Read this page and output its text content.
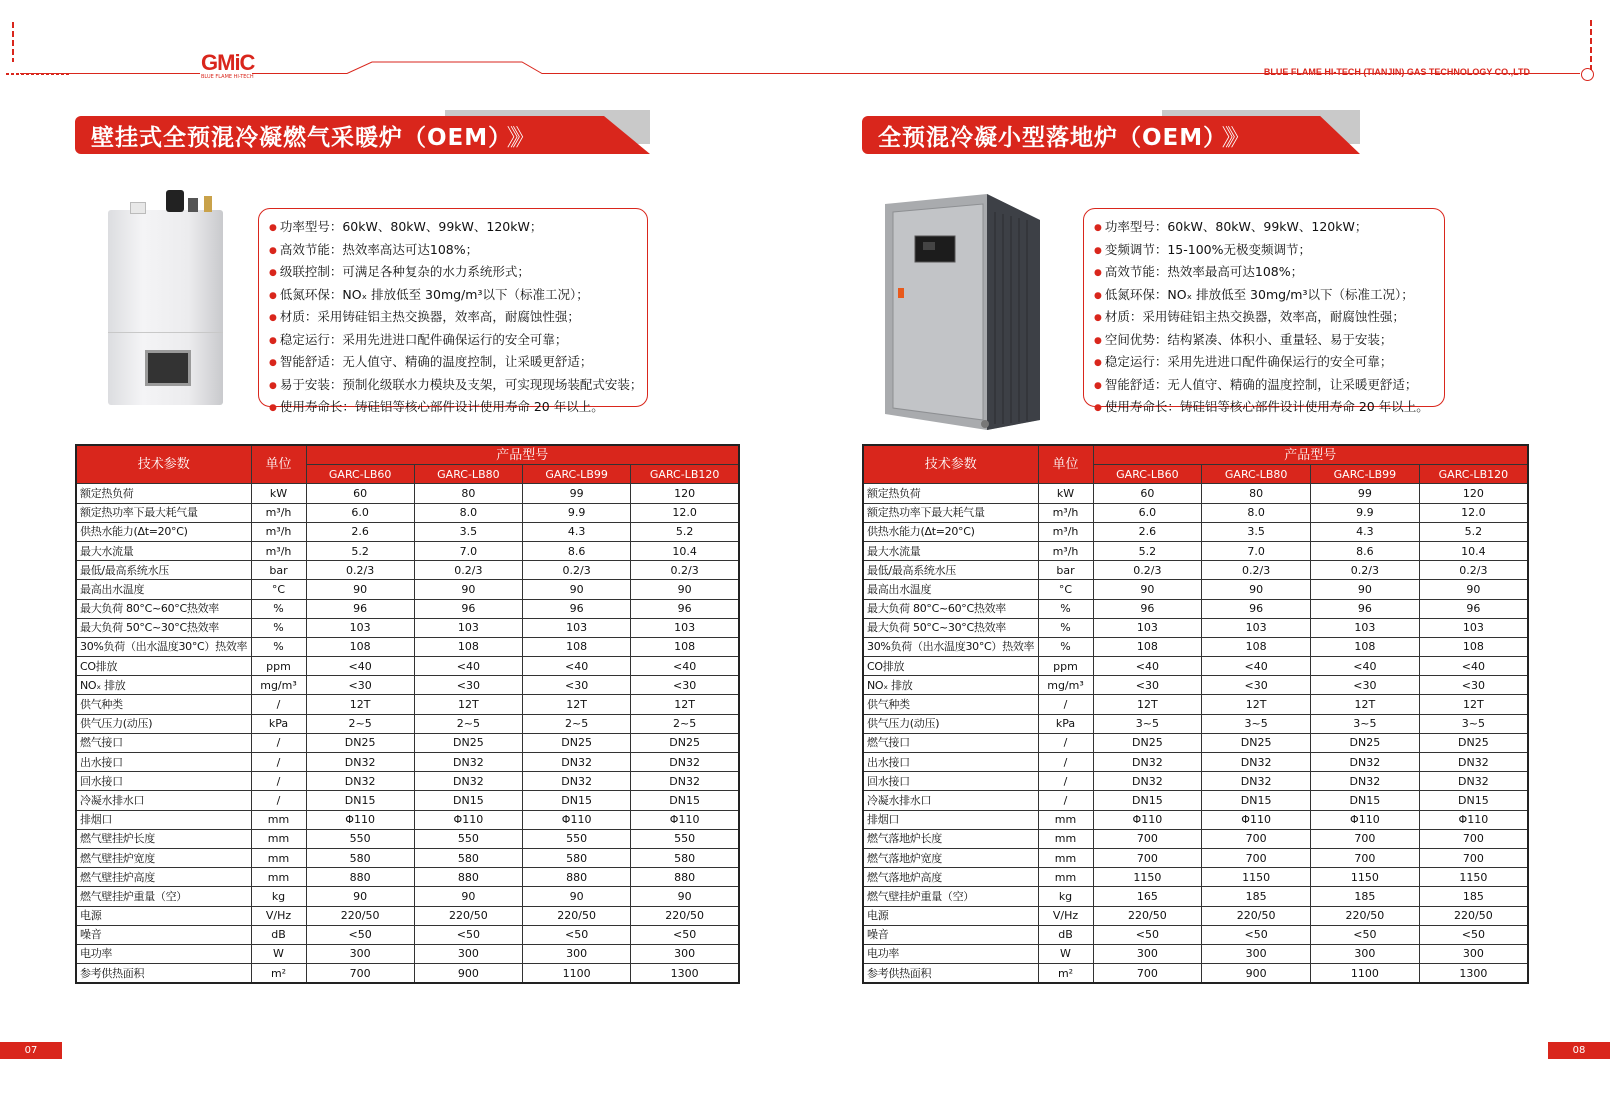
GMiC
BLUE FLAME HI-TECH	BLUE FLAME HI-TECH (TIANJIN) GAS TECHNOLOGY CO.,LTD
壁挂式全预混冷凝燃气采暖炉（OEM） 》》
● 功率型号：60kW、80kW、99kW、120kW；
● 高效节能：热效率高达可达108%；
● 级联控制：可满足各种复杂的水力系统形式；
● 低氮环保：NOₓ 排放低至 30mg/m³以下（标准工况）；
● 材质：采用铸硅铝主热交换器，效率高，耐腐蚀性强；
● 稳定运行：采用先进进口配件确保运行的安全可靠；
● 智能舒适：无人值守、精确的温度控制，让采暖更舒适；
● 易于安装：预制化级联水力模块及支架，可实现现场装配式安装；
● 使用寿命长：铸硅铝等核心部件设计使用寿命 20 年以上。
技术参数	单位	产品型号			
		GARC-LB60	GARC-LB80	GARC-LB99	GARC-LB120
额定热负荷	kW	60	80	99	120
额定热功率下最大耗气量	m³/h	6.0	8.0	9.9	12.0
供热水能力(Δt=20°C)	m³/h	2.6	3.5	4.3	5.2
最大水流量	m³/h	5.2	7.0	8.6	10.4
最低/最高系统水压	bar	0.2/3	0.2/3	0.2/3	0.2/3
最高出水温度	°C	90	90	90	90
最大负荷 80°C~60°C热效率	%	96	96	96	96
最大负荷 50°C~30°C热效率	%	103	103	103	103
30%负荷（出水温度30°C）热效率	%	108	108	108	108
CO排放	ppm	<40	<40	<40	<40
NOₓ 排放	mg/m³	<30	<30	<30	<30
供气种类	/	12T	12T	12T	12T
供气压力(动压)	kPa	2~5	2~5	2~5	2~5
燃气接口	/	DN25	DN25	DN25	DN25
出水接口	/	DN32	DN32	DN32	DN32
回水接口	/	DN32	DN32	DN32	DN32
冷凝水排水口	/	DN15	DN15	DN15	DN15
排烟口	mm	Φ110	Φ110	Φ110	Φ110
燃气壁挂炉长度	mm	550	550	550	550
燃气壁挂炉宽度	mm	580	580	580	580
燃气壁挂炉高度	mm	880	880	880	880
燃气壁挂炉重量（空）	kg	90	90	90	90
电源	V/Hz	220/50	220/50	220/50	220/50
噪音	dB	<50	<50	<50	<50
电功率	W	300	300	300	300
参考供热面积	m²	700	900	1100	1300
07
全预混冷凝小型落地炉（OEM） 》》
● 功率型号：60kW、80kW、99kW、120kW；
● 变频调节：15-100%无极变频调节；
● 高效节能：热效率最高可达108%；
● 低氮环保：NOₓ 排放低至 30mg/m³以下（标准工况）；
● 材质：采用铸硅铝主热交换器，效率高，耐腐蚀性强；
● 空间优势：结构紧凑、体积小、重量轻、易于安装；
● 稳定运行：采用先进进口配件确保运行的安全可靠；
● 智能舒适：无人值守、精确的温度控制，让采暖更舒适；
● 使用寿命长：铸硅铝等核心部件设计使用寿命 20 年以上。
技术参数	单位	产品型号			
		GARC-LB60	GARC-LB80	GARC-LB99	GARC-LB120
额定热负荷	kW	60	80	99	120
额定热功率下最大耗气量	m³/h	6.0	8.0	9.9	12.0
供热水能力(Δt=20°C)	m³/h	2.6	3.5	4.3	5.2
最大水流量	m³/h	5.2	7.0	8.6	10.4
最低/最高系统水压	bar	0.2/3	0.2/3	0.2/3	0.2/3
最高出水温度	°C	90	90	90	90
最大负荷 80°C~60°C热效率	%	96	96	96	96
最大负荷 50°C~30°C热效率	%	103	103	103	103
30%负荷（出水温度30°C）热效率	%	108	108	108	108
CO排放	ppm	<40	<40	<40	<40
NOₓ 排放	mg/m³	<30	<30	<30	<30
供气种类	/	12T	12T	12T	12T
供气压力(动压)	kPa	3~5	3~5	3~5	3~5
燃气接口	/	DN25	DN25	DN25	DN25
出水接口	/	DN32	DN32	DN32	DN32
回水接口	/	DN32	DN32	DN32	DN32
冷凝水排水口	/	DN15	DN15	DN15	DN15
排烟口	mm	Φ110	Φ110	Φ110	Φ110
燃气落地炉长度	mm	700	700	700	700
燃气落地炉宽度	mm	700	700	700	700
燃气落地炉高度	mm	1150	1150	1150	1150
燃气壁挂炉重量（空）	kg	165	185	185	185
电源	V/Hz	220/50	220/50	220/50	220/50
噪音	dB	<50	<50	<50	<50
电功率	W	300	300	300	300
参考供热面积	m²	700	900	1100	1300
08
